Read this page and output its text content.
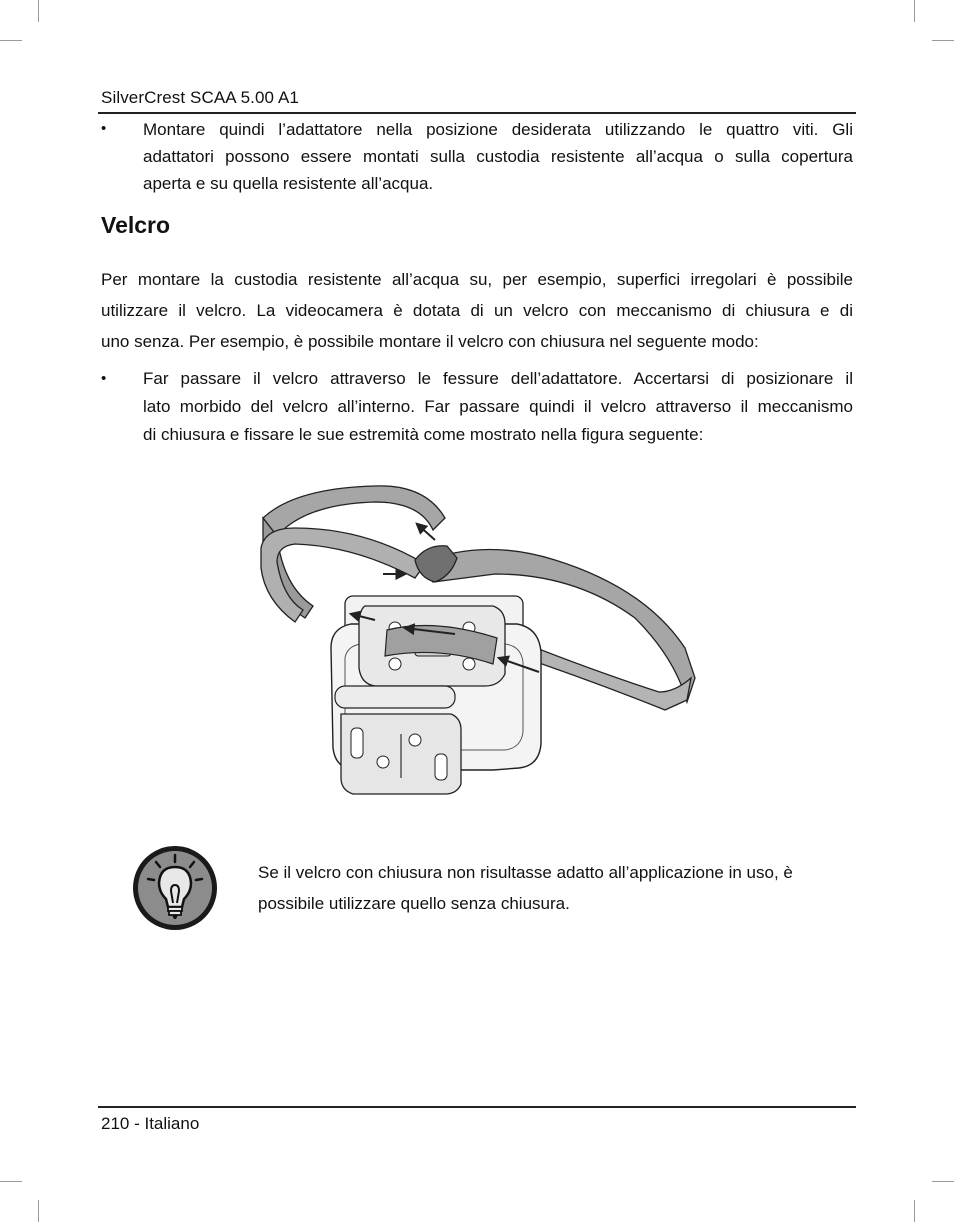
SilverCrest SCAA 5.00 A1
• Montare quindi l’adattatore nella posizione desiderata utilizzando le quattro viti. Gli
adattatori possono essere montati sulla custodia resistente all’acqua o sulla copertura
aperta e su quella resistente all’acqua.
Velcro
Per montare la custodia resistente all’acqua su, per esempio, superfici irregolari è possibile
utilizzare il velcro. La videocamera è dotata di un velcro con meccanismo di chiusura e di
uno senza. Per esempio, è possibile montare il velcro con chiusura nel seguente modo:
• Far passare il velcro attraverso le fessure dell’adattatore. Accertarsi di posizionare il
lato morbido del velcro all’interno. Far passare quindi il velcro attraverso il meccanismo
di chiusura e fissare le sue estremità come mostrato nella figura seguente:
Se il velcro con chiusura non risultasse adatto all’applicazione in uso, è
possibile utilizzare quello senza chiusura.
210 - Italiano
